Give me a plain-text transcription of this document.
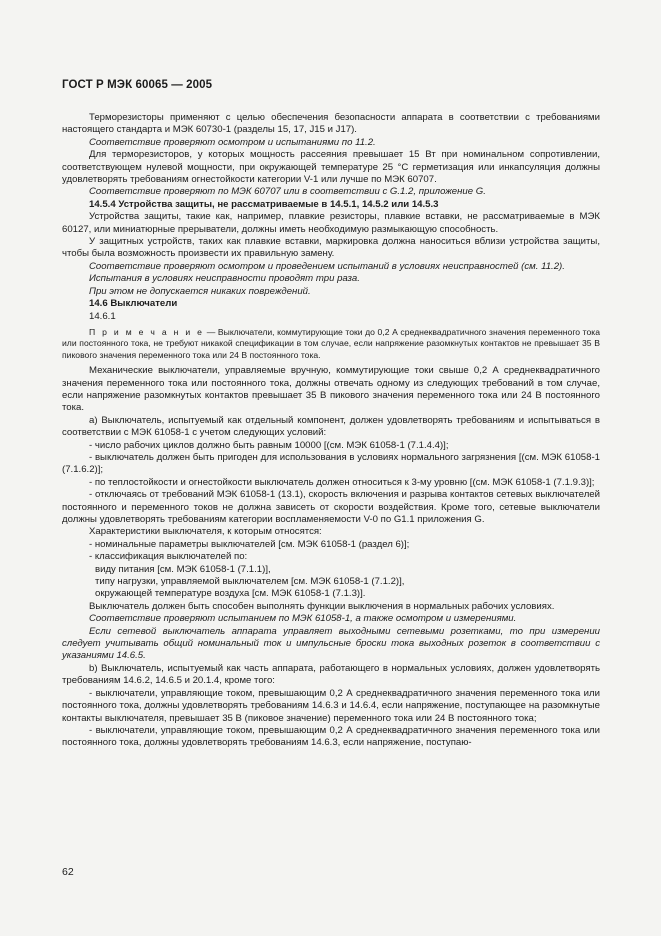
ГОСТ Р МЭК 60065 — 2005

Терморезисторы применяют с целью обеспечения безопасности аппарата в соответствии с требованиями настоящего стандарта и МЭК 60730-1 (разделы 15, 17, J15 и J17).

Соответствие проверяют осмотром и испытаниями по 11.2.

Для терморезисторов, у которых мощность рассеяния превышает 15 Вт при номинальном сопротивлении, соответствующем нулевой мощности, при окружающей температуре 25 °С герметизация или инкапсуляция должны удовлетворять требованиям огнестойкости категории V-1 или лучше по МЭК 60707.

Соответствие проверяют по МЭК 60707 или в соответствии с G.1.2, приложение G.

14.5.4 Устройства защиты, не рассматриваемые в 14.5.1, 14.5.2 или 14.5.3

Устройства защиты, такие как, например, плавкие резисторы, плавкие вставки, не рассматриваемые в МЭК 60127, или миниатюрные прерыватели, должны иметь необходимую размыкающую способность.

У защитных устройств, таких как плавкие вставки, маркировка должна наноситься вблизи устройства защиты, чтобы была возможность произвести их правильную замену.

Соответствие проверяют осмотром и проведением испытаний в условиях неисправностей (см. 11.2).

Испытания в условиях неисправности проводят три раза.

При этом не допускается никаких повреждений.

14.6 Выключатели

14.6.1

П р и м е ч а н и е — Выключатели, коммутирующие токи до 0,2 А среднеквадратичного значения переменного тока или постоянного тока, не требуют никакой спецификации в том случае, если напряжение разомкнутых контактов не превышает 35 В пикового значения переменного тока или 24 В постоянного тока.

Механические выключатели, управляемые вручную, коммутирующие токи свыше 0,2 А среднеквадратичного значения переменного тока или постоянного тока, должны отвечать одному из следующих требований в том случае, если напряжение разомкнутых контактов превышает 35 В пикового значения переменного тока или 24 В постоянного тока.

a) Выключатель, испытуемый как отдельный компонент, должен удовлетворять требованиям и испытываться в соответствии с МЭК 61058-1 с учетом следующих условий:

- число рабочих циклов должно быть равным 10000 [(см. МЭК 61058-1 (7.1.4.4)];

- выключатель должен быть пригоден для использования в условиях нормального загрязнения [(см. МЭК 61058-1 (7.1.6.2)];

- по теплостойкости и огнестойкости выключатель должен относиться к 3-му уровню [(см. МЭК 61058-1 (7.1.9.3)];

- отключаясь от требований МЭК 61058-1 (13.1), скорость включения и разрыва контактов сетевых выключателей постоянного и переменного токов не должна зависеть от скорости воздействия. Кроме того, сетевые выключатели должны удовлетворять требованиям категории воспламеняемости V-0 по G1.1 приложения G.

Характеристики выключателя, к которым относятся:

- номинальные параметры выключателей [см. МЭК 61058-1 (раздел 6)];

- классификация выключателей по:

виду питания [см. МЭК 61058-1 (7.1.1)],

типу нагрузки, управляемой выключателем [см. МЭК 61058-1 (7.1.2)],

окружающей температуре воздуха [см. МЭК 61058-1 (7.1.3)].

Выключатель должен быть способен выполнять функции выключения в нормальных рабочих условиях.

Соответствие проверяют испытанием по МЭК 61058-1, а также осмотром и измерениями.

Если сетевой выключатель аппарата управляет выходными сетевыми розетками, то при измерении следует учитывать общий номинальный ток и импульсные броски тока выходных розеток в соответствии с указаниями 14.6.5.

b) Выключатель, испытуемый как часть аппарата, работающего в нормальных условиях, должен удовлетворять требованиям 14.6.2, 14.6.5 и 20.1.4, кроме того:

- выключатели, управляющие током, превышающим 0,2 А среднеквадратичного значения переменного тока или постоянного тока, должны удовлетворять требованиям 14.6.3 и 14.6.4, если напряжение, поступающее на разомкнутые контакты выключателя, превышает 35 В (пиковое значение) переменного тока или 24 В постоянного тока;

- выключатели, управляющие током, превышающим 0,2 А среднеквадратичного значения переменного тока или постоянного тока, должны удовлетворять требованиям 14.6.3, если напряжение, поступаю-

62
